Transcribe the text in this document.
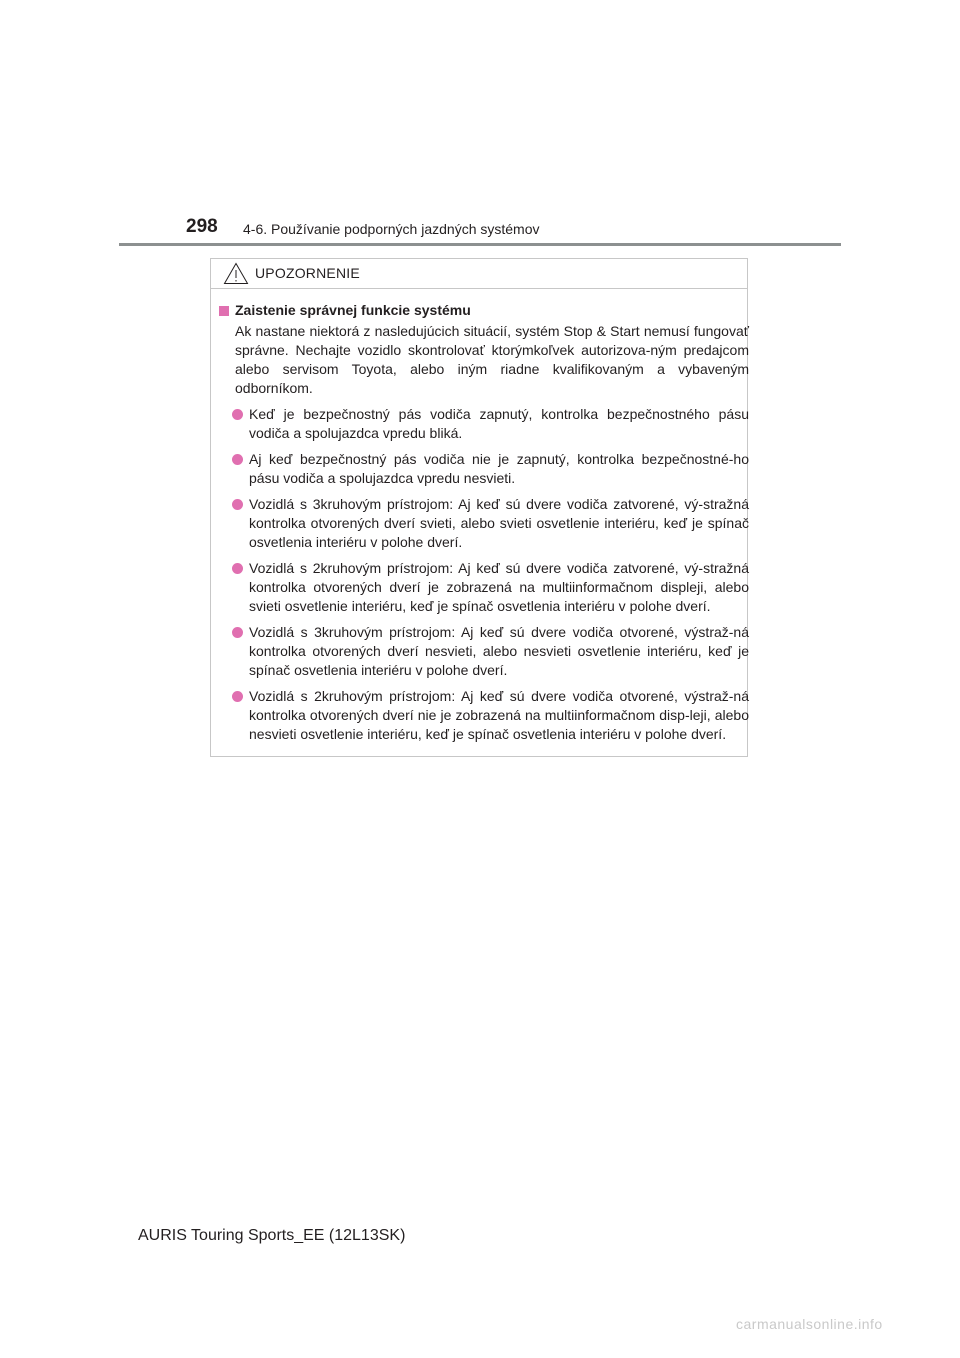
298 4-6. Používanie podporných jazdných systémov
UPOZORNENIE
Zaistenie správnej funkcie systému

Ak nastane niektorá z nasledujúcich situácií, systém Stop & Start nemusí fungovať správne. Nechajte vozidlo skontrolovať ktorýmkoľvek autorizova-ným predajcom alebo servisom Toyota, alebo iným riadne kvalifikovaným a vybaveným odborníkom.

Keď je bezpečnostný pás vodiča zapnutý, kontrolka bezpečnostného pásu vodiča a spolujazdca vpredu bliká.
Aj keď bezpečnostný pás vodiča nie je zapnutý, kontrolka bezpečnostné-ho pásu vodiča a spolujazdca vpredu nesvieti.
Vozidlá s 3kruhovým prístrojom: Aj keď sú dvere vodiča zatvorené, vý-stražná kontrolka otvorených dverí svieti, alebo svieti osvetlenie interiéru, keď je spínač osvetlenia interiéru v polohe dverí.
Vozidlá s 2kruhovým prístrojom: Aj keď sú dvere vodiča zatvorené, vý-stražná kontrolka otvorených dverí je zobrazená na multiinformačnom displeji, alebo svieti osvetlenie interiéru, keď je spínač osvetlenia interiéru v polohe dverí.
Vozidlá s 3kruhovým prístrojom: Aj keď sú dvere vodiča otvorené, výstraž-ná kontrolka otvorených dverí nesvieti, alebo nesvieti osvetlenie interiéru, keď je spínač osvetlenia interiéru v polohe dverí.
Vozidlá s 2kruhovým prístrojom: Aj keď sú dvere vodiča otvorené, výstraž-ná kontrolka otvorených dverí nie je zobrazená na multiinformačnom disp-leji, alebo nesvieti osvetlenie interiéru, keď je spínač osvetlenia interiéru v polohe dverí.
AURIS Touring Sports_EE (12L13SK)
carmanualsonline.info
